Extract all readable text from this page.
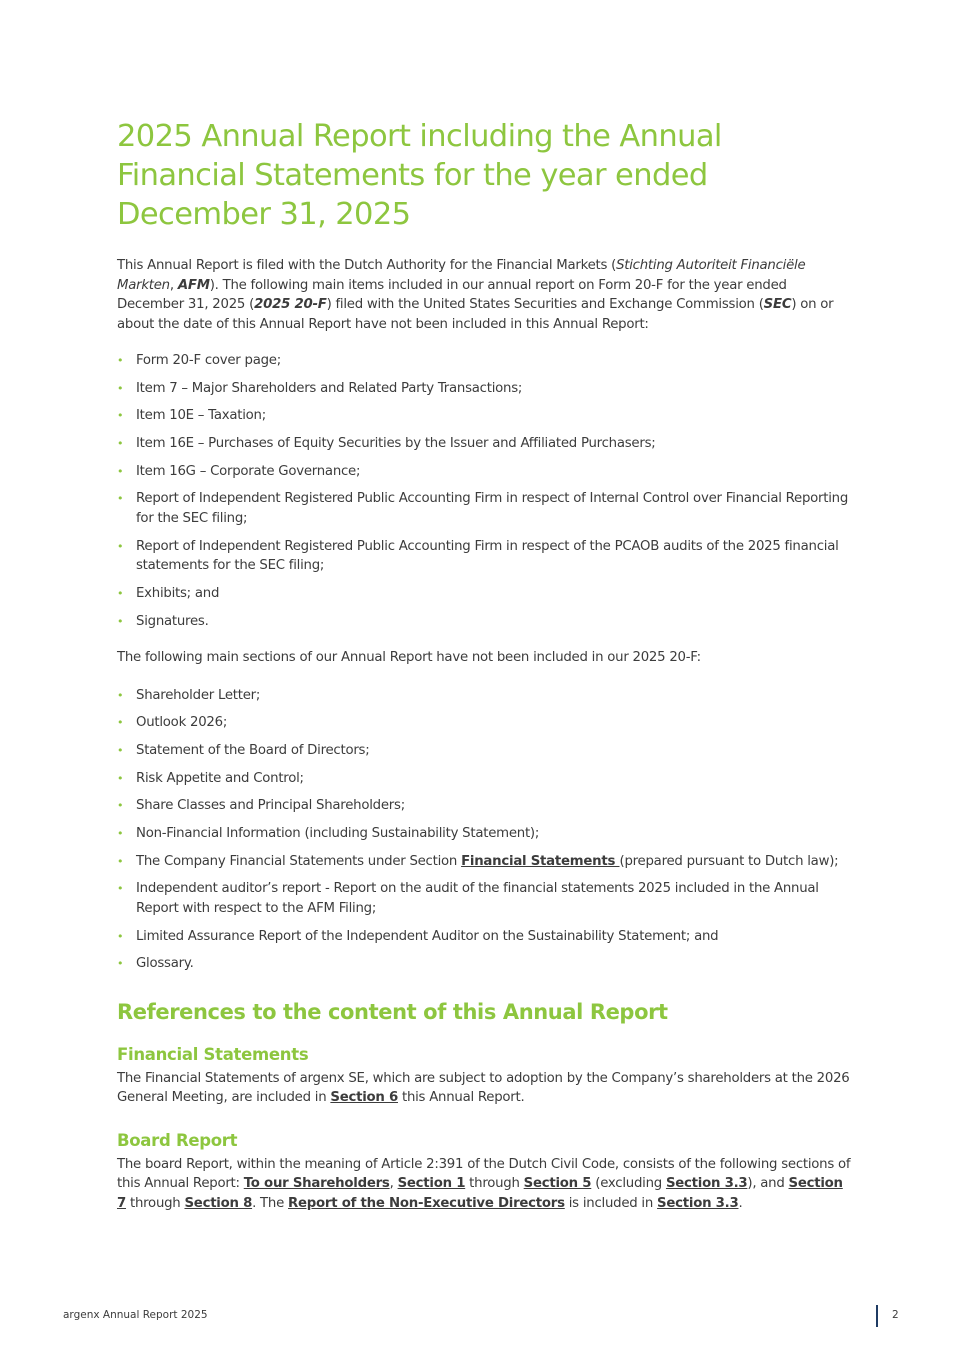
2025 Annual Report including the Annual Financial Statements for the year ended December 31, 2025

This Annual Report is filed with the Dutch Authority for the Financial Markets (Stichting Autoriteit Financiële Markten, AFM). The following main items included in our annual report on Form 20-F for the year ended December 31, 2025 (2025 20-F) filed with the United States Securities and Exchange Commission (SEC) on or about the date of this Annual Report have not been included in this Annual Report:

• Form 20-F cover page;
• Item 7 – Major Shareholders and Related Party Transactions;
• Item 10E – Taxation;
• Item 16E – Purchases of Equity Securities by the Issuer and Affiliated Purchasers;
• Item 16G – Corporate Governance;
• Report of Independent Registered Public Accounting Firm in respect of Internal Control over Financial Reporting for the SEC filing;
• Report of Independent Registered Public Accounting Firm in respect of the PCAOB audits of the 2025 financial statements for the SEC filing;
• Exhibits; and
• Signatures.

The following main sections of our Annual Report have not been included in our 2025 20-F:

• Shareholder Letter;
• Outlook 2026;
• Statement of the Board of Directors;
• Risk Appetite and Control;
• Share Classes and Principal Shareholders;
• Non-Financial Information (including Sustainability Statement);
• The Company Financial Statements under Section Financial Statements (prepared pursuant to Dutch law);
• Independent auditor’s report - Report on the audit of the financial statements 2025 included in the Annual Report with respect to the AFM Filing;
• Limited Assurance Report of the Independent Auditor on the Sustainability Statement; and
• Glossary.
References to the content of this Annual Report
Financial Statements

The Financial Statements of argenx SE, which are subject to adoption by the Company’s shareholders at the 2026 General Meeting, are included in Section 6 this Annual Report.

Board Report

The board Report, within the meaning of Article 2:391 of the Dutch Civil Code, consists of the following sections of this Annual Report: To our Shareholders, Section 1 through Section 5 (excluding Section 3.3), and Section 7 through Section 8. The Report of the Non-Executive Directors is included in Section 3.3.

argenx Annual Report 2025	2
